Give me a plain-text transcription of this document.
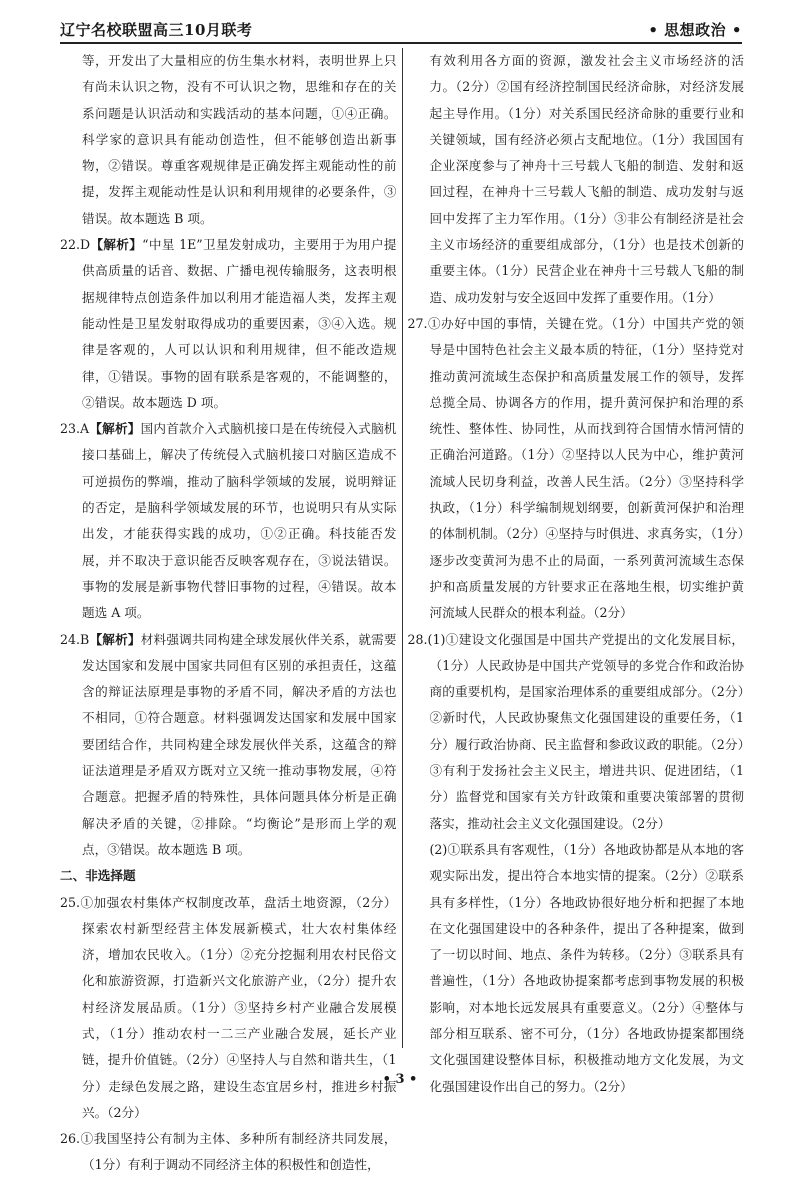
辽宁名校联盟高三10月联考	• 思想政治 •

等，开发出了大量相应的仿生集水材料，表明世界上只有尚未认识之物，没有不可认识之物，思维和存在的关系问题是认识活动和实践活动的基本问题，①④正确。科学家的意识具有能动创造性，但不能够创造出新事物，②错误。尊重客观规律是正确发挥主观能动性的前提，发挥主观能动性是认识和利用规律的必要条件，③错误。故本题选 B 项。

22.D【解析】“中星 1E”卫星发射成功，主要用于为用户提供高质量的话音、数据、广播电视传输服务，这表明根据规律特点创造条件加以利用才能造福人类，发挥主观能动性是卫星发射取得成功的重要因素，③④入选。规律是客观的，人可以认识和利用规律，但不能改造规律，①错误。事物的固有联系是客观的，不能调整的，②错误。故本题选 D 项。

23.A【解析】国内首款介入式脑机接口是在传统侵入式脑机接口基础上，解决了传统侵入式脑机接口对脑区造成不可逆损伤的弊端，推动了脑科学领域的发展，说明辩证的否定，是脑科学领域发展的环节，也说明只有从实际出发，才能获得实践的成功，①②正确。科技能否发展，并不取决于意识能否反映客观存在，③说法错误。事物的发展是新事物代替旧事物的过程，④错误。故本题选 A 项。

24.B【解析】材料强调共同构建全球发展伙伴关系，就需要发达国家和发展中国家共同但有区别的承担责任，这蕴含的辩证法原理是事物的矛盾不同，解决矛盾的方法也不相同，①符合题意。材料强调发达国家和发展中国家要团结合作，共同构建全球发展伙伴关系，这蕴含的辩证法道理是矛盾双方既对立又统一推动事物发展，④符合题意。把握矛盾的特殊性，具体问题具体分析是正确解决矛盾的关键，②排除。“均衡论”是形而上学的观点，③错误。故本题选 B 项。

二、非选择题

25.①加强农村集体产权制度改革，盘活土地资源，（2分）探索农村新型经营主体发展新模式，壮大农村集体经济，增加农民收入。（1分）②充分挖掘利用农村民俗文化和旅游资源，打造新兴文化旅游产业，（2分）提升农村经济发展品质。（1分）③坚持乡村产业融合发展模式，（1分）推动农村一二三产业融合发展，延长产业链，提升价值链。（2分）④坚持人与自然和谐共生，（1分）走绿色发展之路，建设生态宜居乡村，推进乡村振兴。（2分）

26.①我国坚持公有制为主体、多种所有制经济共同发展，（1分）有利于调动不同经济主体的积极性和创造性，

有效利用各方面的资源，激发社会主义市场经济的活力。（2分）②国有经济控制国民经济命脉，对经济发展起主导作用。（1分）对关系国民经济命脉的重要行业和关键领域，国有经济必须占支配地位。（1分）我国国有企业深度参与了神舟十三号载人飞船的制造、发射和返回过程，在神舟十三号载人飞船的制造、成功发射与返回中发挥了主力军作用。（1分）③非公有制经济是社会主义市场经济的重要组成部分，（1分）也是技术创新的重要主体。（1分）民营企业在神舟十三号载人飞船的制造、成功发射与安全返回中发挥了重要作用。（1分）

27.①办好中国的事情，关键在党。（1分）中国共产党的领导是中国特色社会主义最本质的特征，（1分）坚持党对推动黄河流域生态保护和高质量发展工作的领导，发挥总揽全局、协调各方的作用，提升黄河保护和治理的系统性、整体性、协同性，从而找到符合国情水情河情的正确治河道路。（1分）②坚持以人民为中心，维护黄河流域人民切身利益，改善人民生活。（2分）③坚持科学执政，（1分）科学编制规划纲要，创新黄河保护和治理的体制机制。（2分）④坚持与时俱进、求真务实，（1分）逐步改变黄河为患不止的局面，一系列黄河流域生态保护和高质量发展的方针要求正在落地生根，切实维护黄河流域人民群众的根本利益。（2分）

28.(1)①建设文化强国是中国共产党提出的文化发展目标，（1分）人民政协是中国共产党领导的多党合作和政治协商的重要机构，是国家治理体系的重要组成部分。（2分）②新时代，人民政协聚焦文化强国建设的重要任务，（1分）履行政治协商、民主监督和参政议政的职能。（2分）③有利于发扬社会主义民主，增进共识、促进团结，（1分）监督党和国家有关方针政策和重要决策部署的贯彻落实，推动社会主义文化强国建设。（2分）

(2)①联系具有客观性，（1分）各地政协都是从本地的客观实际出发，提出符合本地实情的提案。（2分）②联系具有多样性，（1分）各地政协很好地分析和把握了本地在文化强国建设中的各种条件，提出了各种提案，做到了一切以时间、地点、条件为转移。（2分）③联系具有普遍性，（1分）各地政协提案都考虑到事物发展的积极影响，对本地长远发展具有重要意义。（2分）④整体与部分相互联系、密不可分，（1分）各地政协提案都围绕文化强国建设整体目标，积极推动地方文化发展，为文化强国建设作出自己的努力。（2分）

• 3 •
